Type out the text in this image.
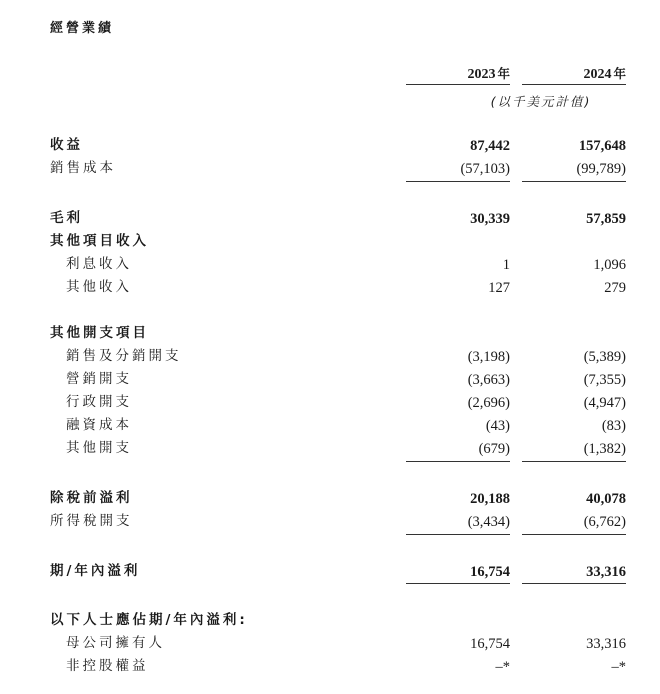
經營業績
2023 年	2024 年
(以千美元計值)
收益	87,442	157,648
銷售成本	(57,103)	(99,789)
毛利	30,339	57,859
其他項目收入
利息收入	1	1,096
其他收入	127	279
其他開支項目
銷售及分銷開支	(3,198)	(5,389)
營銷開支	(3,663)	(7,355)
行政開支	(2,696)	(4,947)
融資成本	(43)	(83)
其他開支	(679)	(1,382)
除稅前溢利	20,188	40,078
所得稅開支	(3,434)	(6,762)
期/年內溢利	16,754	33,316
以下人士應佔期/年內溢利:
母公司擁有人	16,754	33,316
非控股權益	–*	–*
